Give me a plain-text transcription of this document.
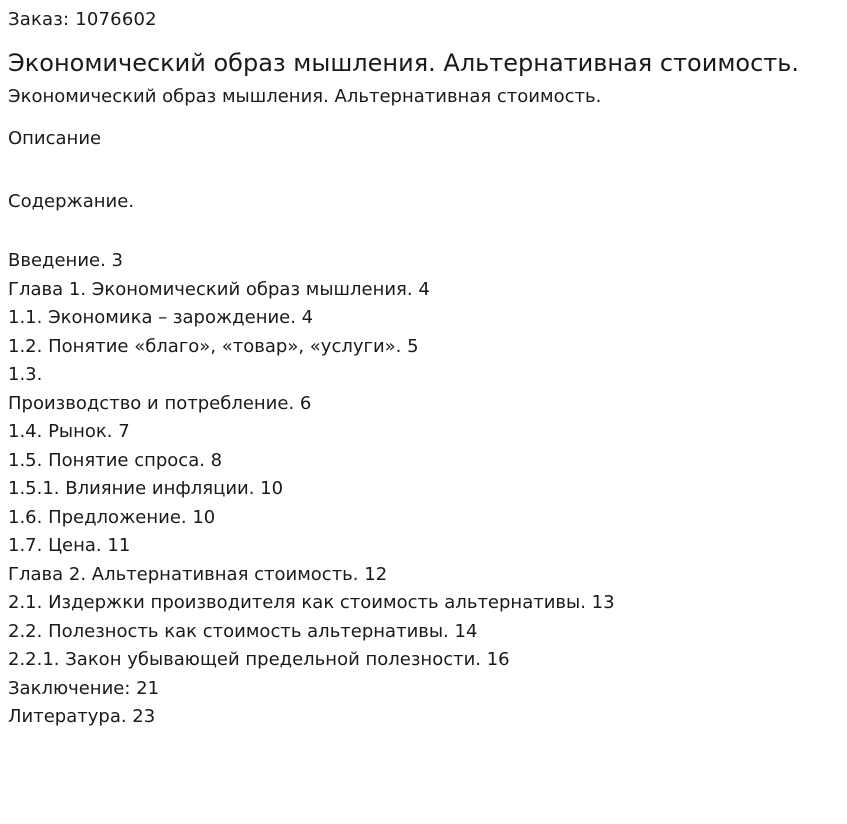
Заказ: 1076602

Экономический образ мышления. Альтернативная стоимость.

Экономический образ мышления. Альтернативная стоимость.

Описание

Содержание.

Введение. 3
Глава 1. Экономический образ мышления. 4
1.1. Экономика – зарождение. 4
1.2. Понятие «благо», «товар», «услуги». 5
1.3.
Производство и потребление. 6
1.4. Рынок. 7
1.5. Понятие спроса. 8
1.5.1. Влияние инфляции. 10
1.6. Предложение. 10
1.7. Цена. 11
Глава 2. Альтернативная стоимость. 12
2.1. Издержки производителя как стоимость альтернативы. 13
2.2. Полезность как стоимость альтернативы. 14
2.2.1. Закон убывающей предельной полезности. 16
Заключение: 21
Литература. 23
